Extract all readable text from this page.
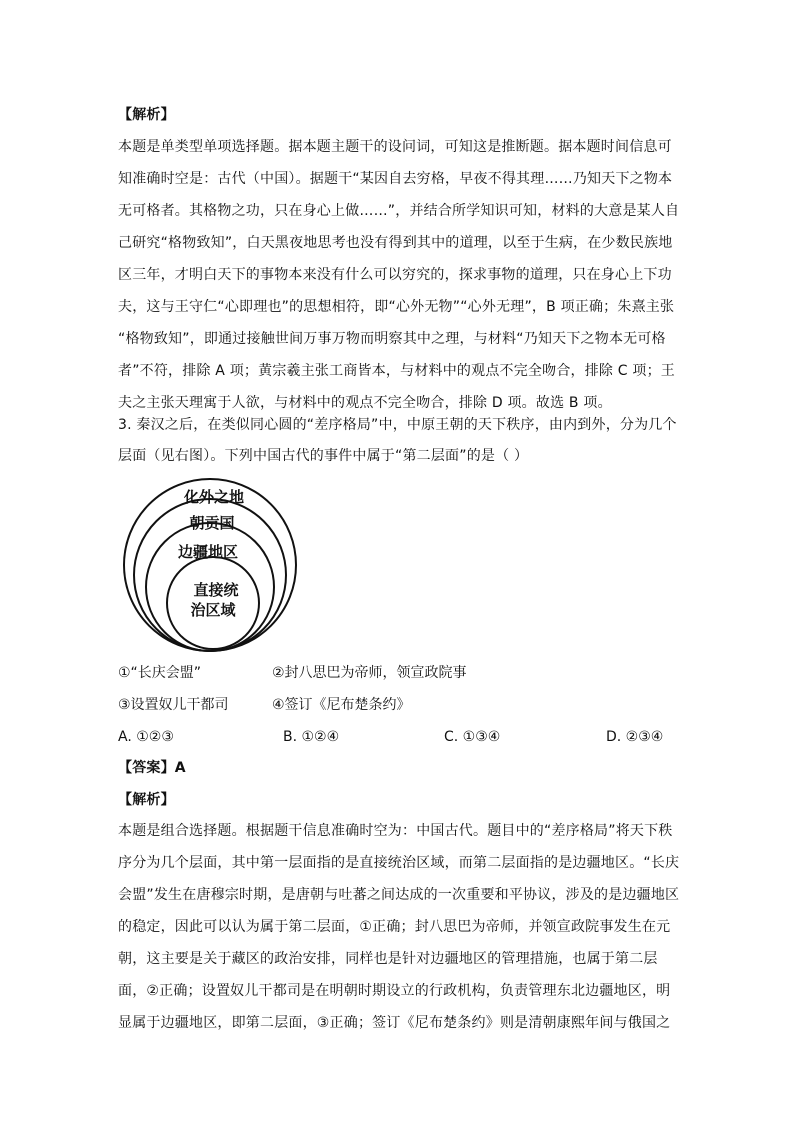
【解析】
本题是单类型单项选择题。据本题主题干的设问词，可知这是推断题。据本题时间信息可
知准确时空是：古代（中国）。据题干“某因自去穷格，早夜不得其理……乃知天下之物本
无可格者。其格物之功，只在身心上做……”，并结合所学知识可知，材料的大意是某人自
己研究“格物致知”，白天黑夜地思考也没有得到其中的道理，以至于生病，在少数民族地
区三年，才明白天下的事物本来没有什么可以穷究的，探求事物的道理，只在身心上下功
夫，这与王守仁“心即理也”的思想相符，即“心外无物”“心外无理”，B 项正确；朱熹主张
“格物致知”，即通过接触世间万事万物而明察其中之理，与材料“乃知天下之物本无可格
者”不符，排除 A 项；黄宗羲主张工商皆本，与材料中的观点不完全吻合，排除 C 项；王
夫之主张天理寓于人欲，与材料中的观点不完全吻合，排除 D 项。故选 B 项。
3. 秦汉之后，在类似同心圆的“差序格局”中，中原王朝的天下秩序，由内到外，分为几个
层面（见右图）。下列中国古代的事件中属于“第二层面”的是（ ）
化外之地
朝贡国
边疆地区
直接统
治区域
①“长庆会盟”	②封八思巴为帝师，领宣政院事
③设置奴儿干都司	④签订《尼布楚条约》
A. ①②③	B. ①②④	C. ①③④	D. ②③④
【答案】A
【解析】
本题是组合选择题。根据题干信息准确时空为：中国古代。题目中的“差序格局”将天下秩
序分为几个层面，其中第一层面指的是直接统治区域，而第二层面指的是边疆地区。“长庆
会盟”发生在唐穆宗时期，是唐朝与吐蕃之间达成的一次重要和平协议，涉及的是边疆地区
的稳定，因此可以认为属于第二层面，①正确；封八思巴为帝师，并领宣政院事发生在元
朝，这主要是关于藏区的政治安排，同样也是针对边疆地区的管理措施，也属于第二层
面，②正确；设置奴儿干都司是在明朝时期设立的行政机构，负责管理东北边疆地区，明
显属于边疆地区，即第二层面，③正确；签订《尼布楚条约》则是清朝康熙年间与俄国之
